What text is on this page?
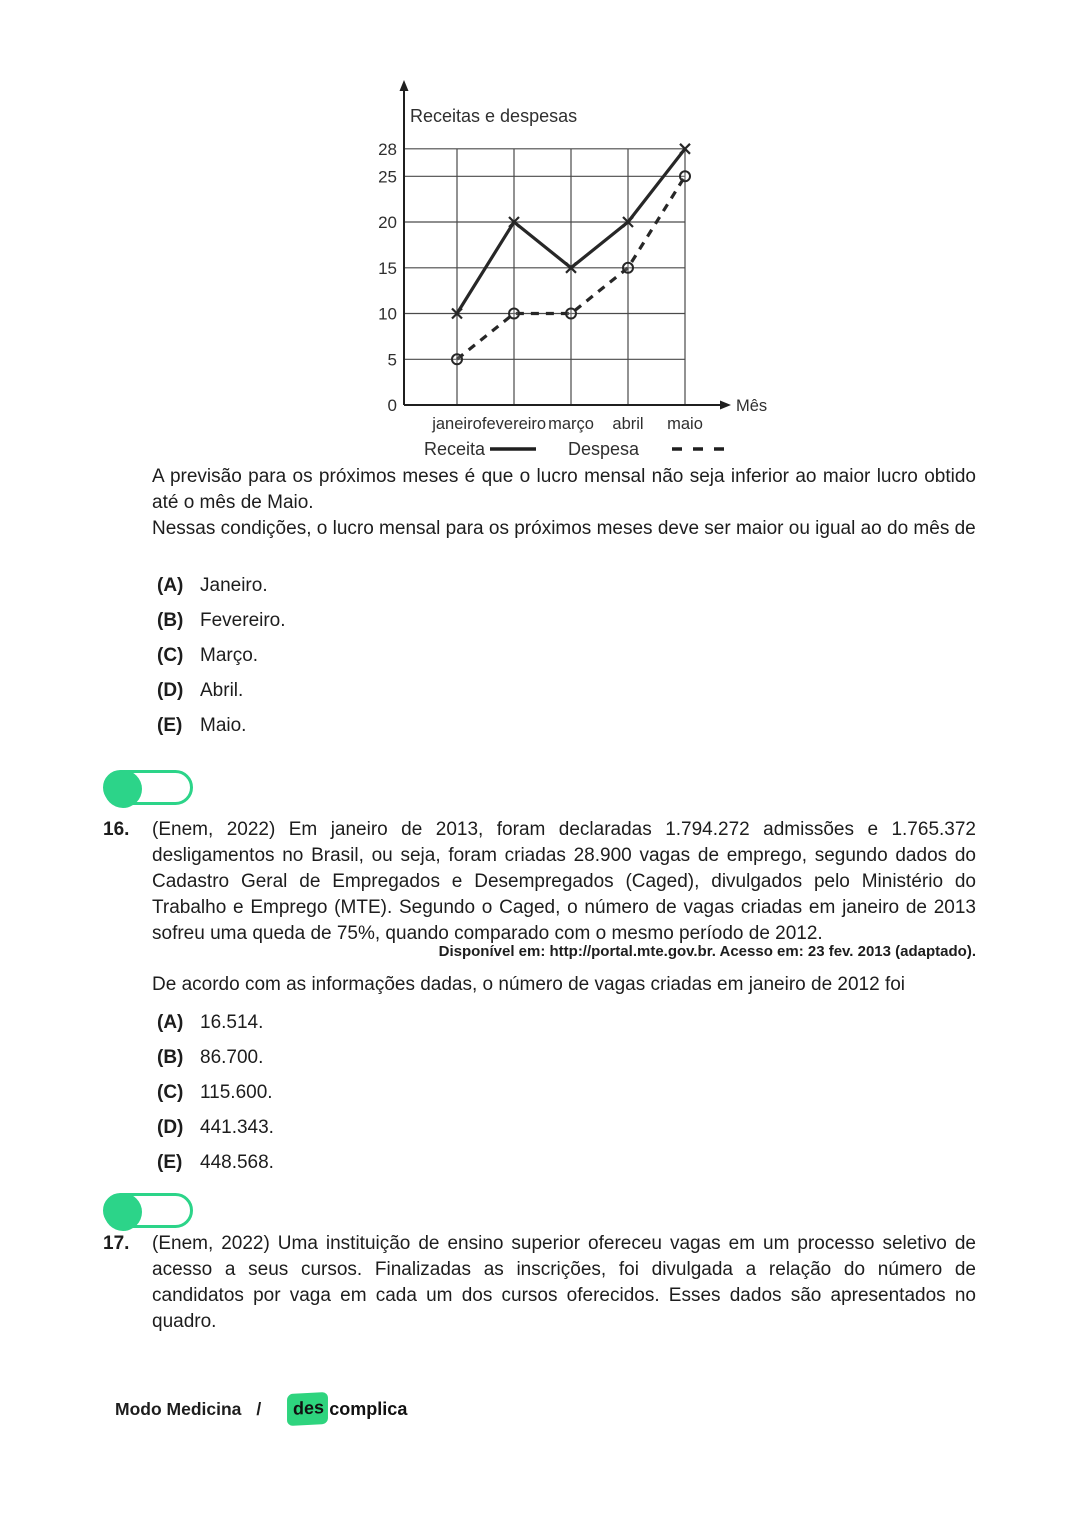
0
5
10
15
20
25
28
janeiro fevereiro março abril maio
Receitas e despesas
Mês
Receita	Despesa

A previsão para os próximos meses é que o lucro mensal não seja inferior ao maior lucro obtido até o mês de Maio.

Nessas condições, o lucro mensal para os próximos meses deve ser maior ou igual ao do mês de

(A) Janeiro.
(B) Fevereiro.
(C) Março.
(D) Abril.
(E) Maio.
16. (Enem, 2022) Em janeiro de 2013, foram declaradas 1.794.272 admissões e 1.765.372 desligamentos no Brasil, ou seja, foram criadas 28.900 vagas de emprego, segundo dados do Cadastro Geral de Empregados e Desempregados (Caged), divulgados pelo Ministério do Trabalho e Emprego (MTE). Segundo o Caged, o número de vagas criadas em janeiro de 2013 sofreu uma queda de 75%, quando comparado com o mesmo período de 2012.

Disponível em: http://portal.mte.gov.br. Acesso em: 23 fev. 2013 (adaptado).

De acordo com as informações dadas, o número de vagas criadas em janeiro de 2012 foi

(A) 16.514.
(B) 86.700.
(C) 115.600.
(D) 441.343.
(E) 448.568.
17. (Enem, 2022) Uma instituição de ensino superior ofereceu vagas em um processo seletivo de acesso a seus cursos. Finalizadas as inscrições, foi divulgada a relação do número de candidatos por vaga em cada um dos cursos oferecidos. Esses dados são apresentados no quadro.

Modo Medicina /	des complica
